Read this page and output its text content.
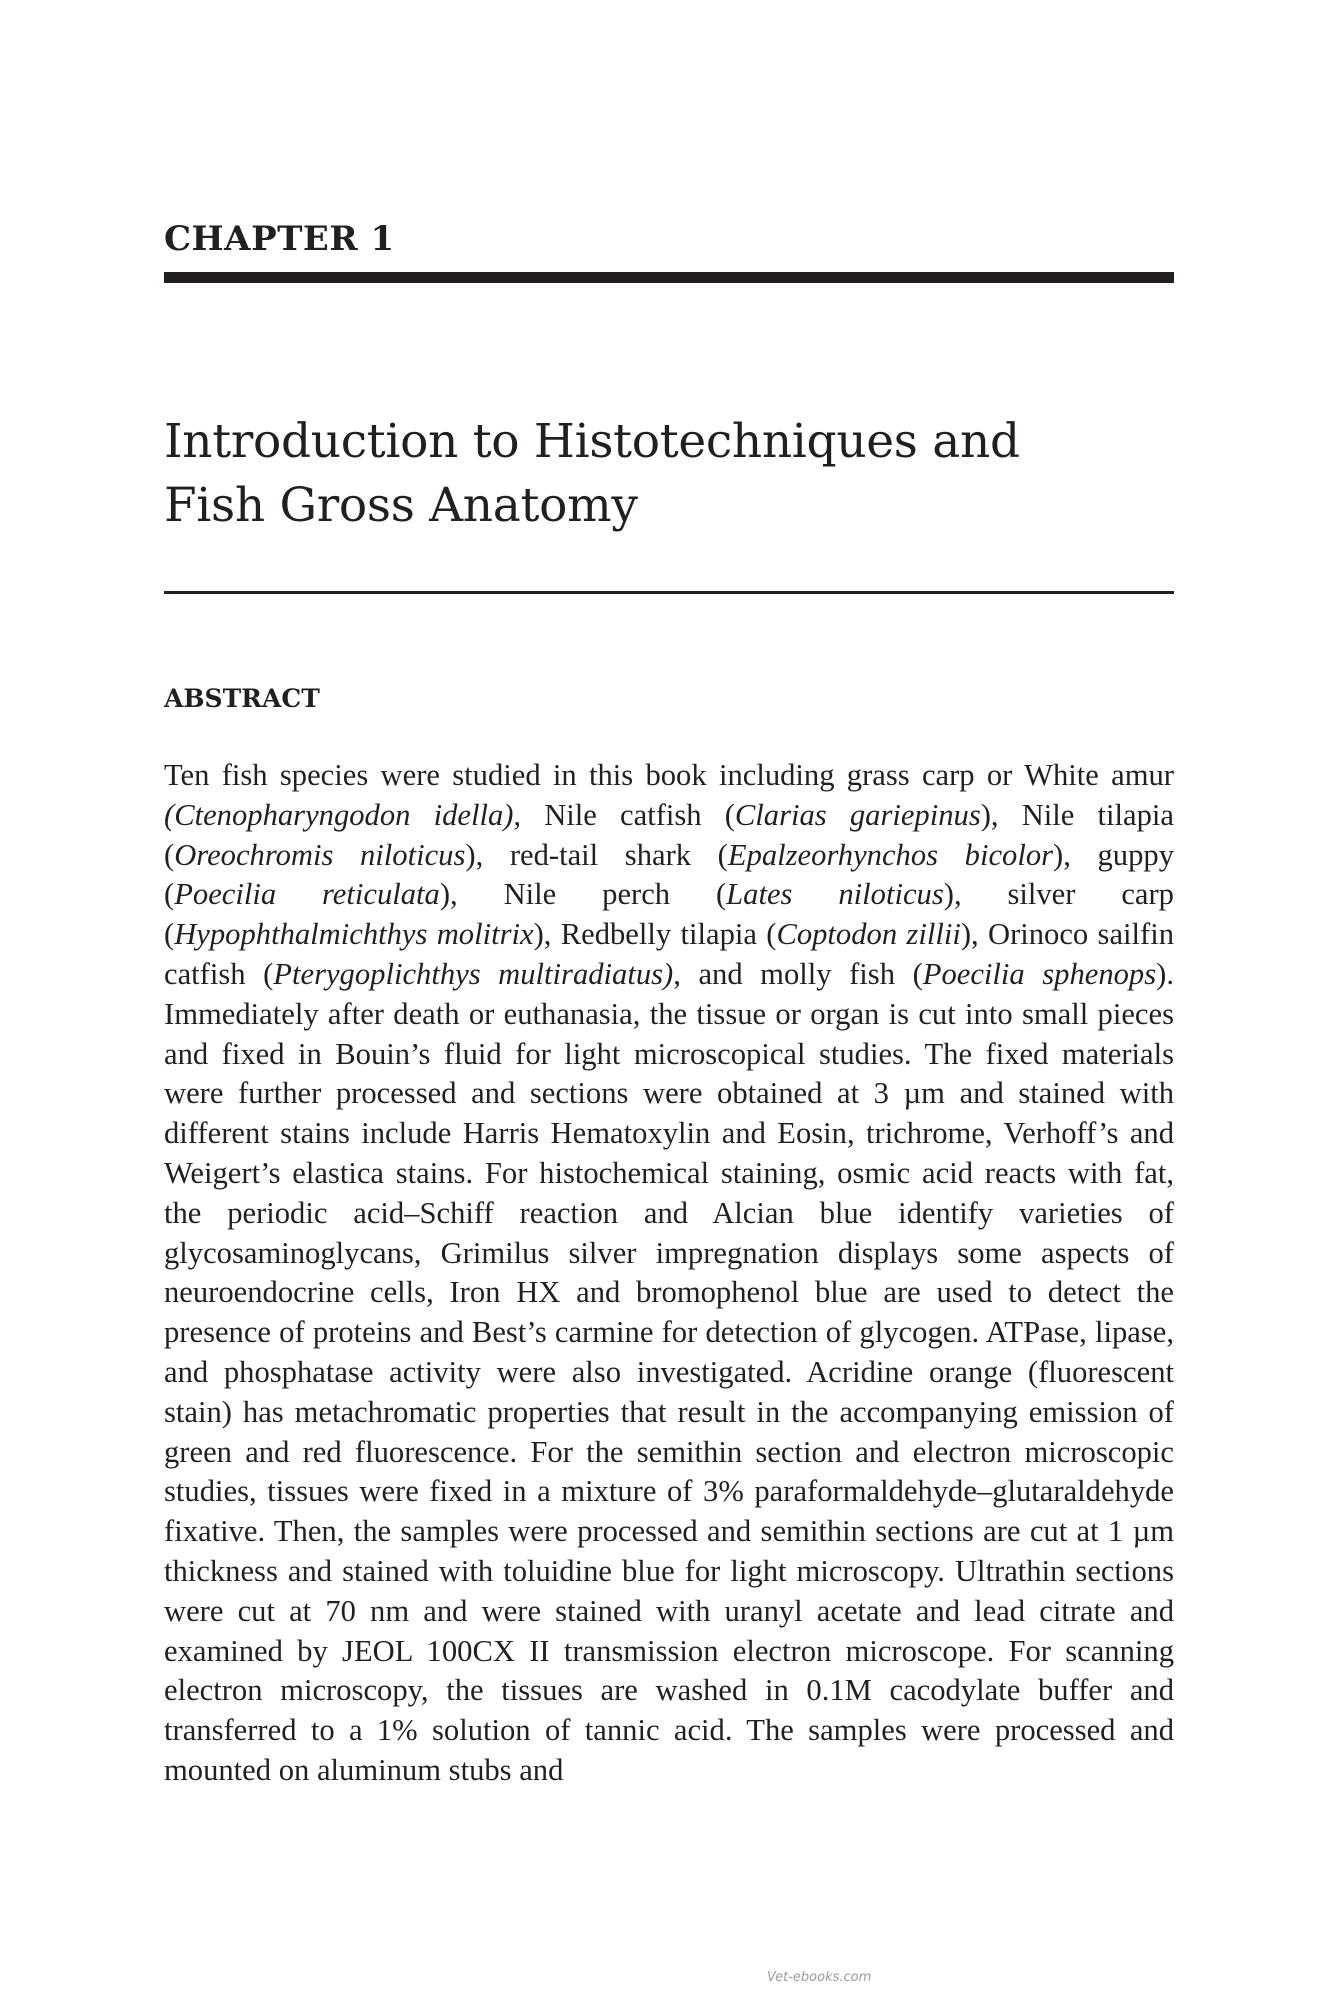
CHAPTER 1
Introduction to Histotechniques and
Fish Gross Anatomy
ABSTRACT

Ten fish species were studied in this book including grass carp or White amur (Ctenopharyngodon idella), Nile catfish (Clarias gariepinus), Nile tilapia (Oreochromis niloticus), red-tail shark (Epalzeorhynchos bicolor), guppy (Poecilia reticulata), Nile perch (Lates niloticus), silver carp (Hypophthalmichthys molitrix), Redbelly tilapia (Coptodon zillii), Orinoco sailfin catfish (Pterygoplichthys multiradiatus), and molly fish (Poecilia sphenops). Immediately after death or euthanasia, the tissue or organ is cut into small pieces and fixed in Bouin’s fluid for light microscopical studies. The fixed materials were further processed and sections were obtained at 3 µm and stained with different stains include Harris Hematoxylin and Eosin, trichrome, Verhoff’s and Weigert’s elastica stains. For histochemical staining, osmic acid reacts with fat, the periodic acid–Schiff reaction and Alcian blue identify varieties of glycosaminoglycans, Grimilus silver impregnation displays some aspects of neuroendocrine cells, Iron HX and bromophenol blue are used to detect the presence of proteins and Best’s carmine for detection of glycogen. ATPase, lipase, and phosphatase activity were also investigated. Acridine orange (fluorescent stain) has metachromatic properties that result in the accompanying emission of green and red fluorescence. For the semithin section and electron microscopic studies, tissues were fixed in a mixture of 3% paraformaldehyde–glutaraldehyde fixative. Then, the samples were processed and semithin sections are cut at 1 µm thickness and stained with toluidine blue for light microscopy. Ultrathin sections were cut at 70 nm and were stained with uranyl acetate and lead citrate and examined by JEOL 100CX II transmission electron microscope. For scanning electron microscopy, the tissues are washed in 0.1M cacodylate buffer and transferred to a 1% solution of tannic acid. The samples were processed and mounted on aluminum stubs and

Vet-ebooks.com
